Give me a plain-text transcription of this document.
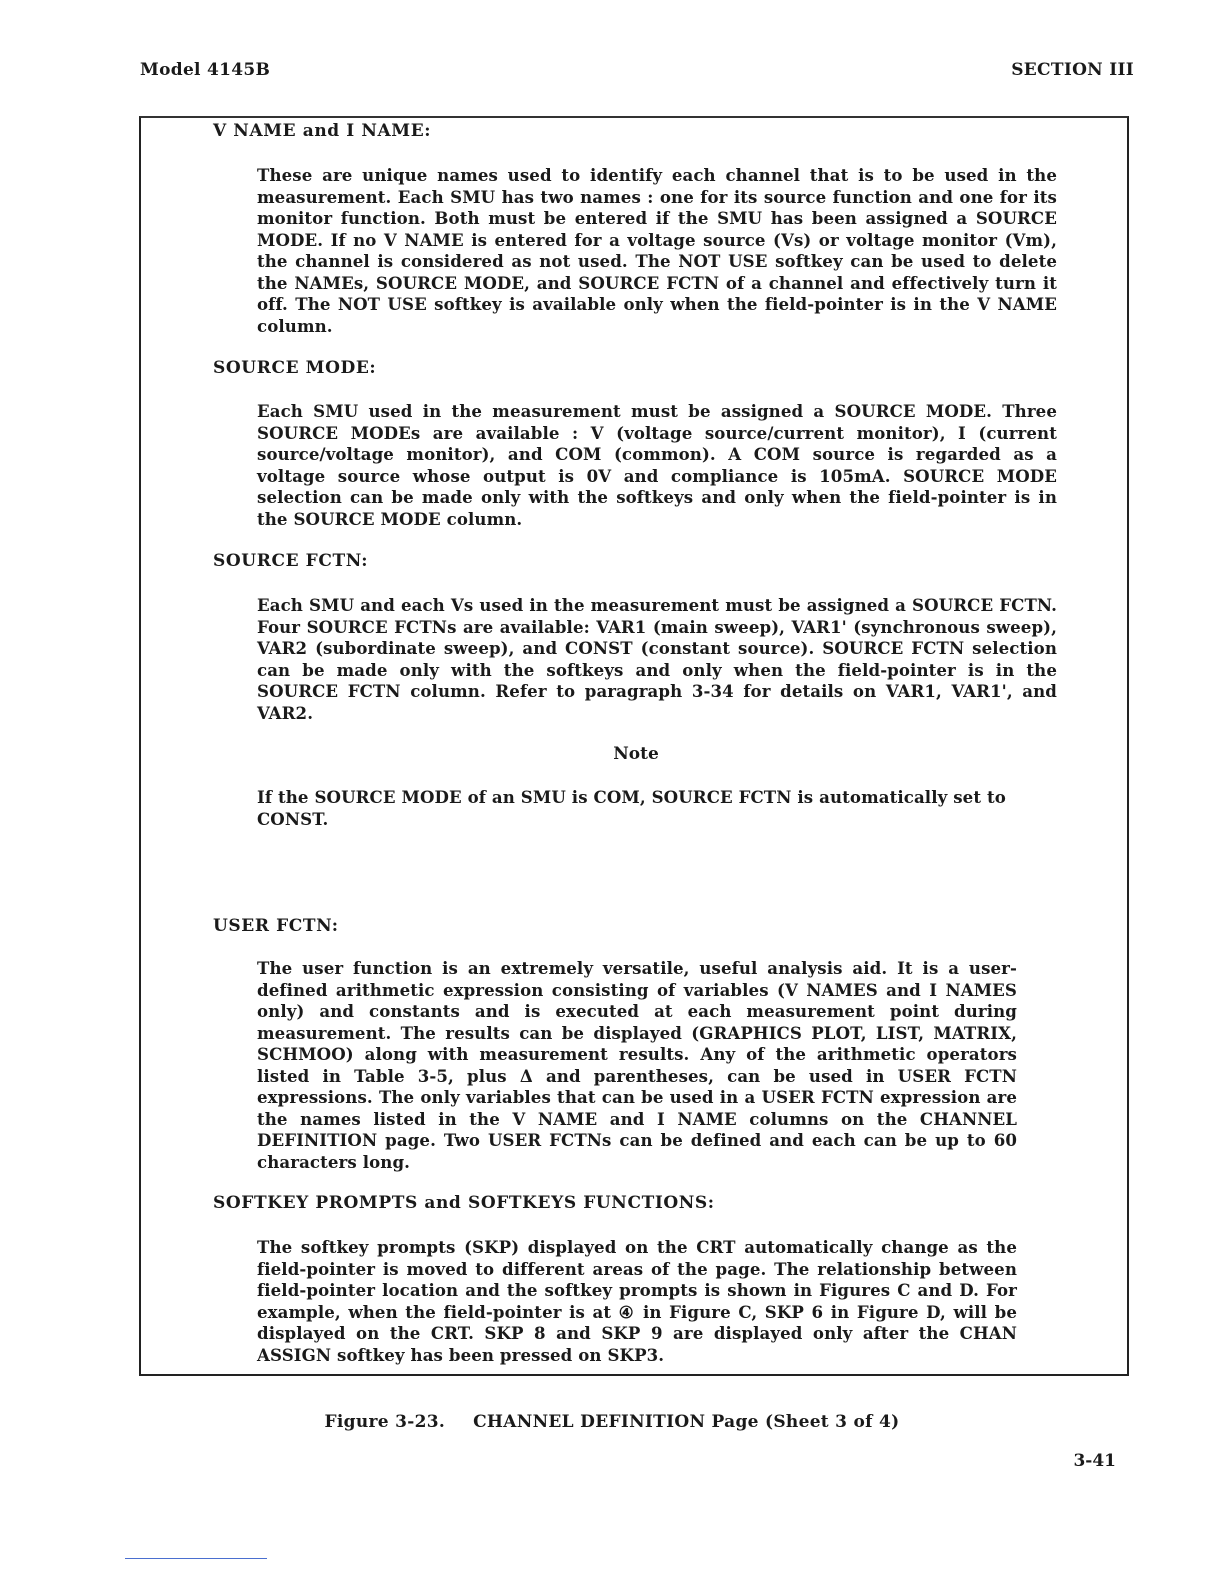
Model 4145B	SECTION III
V NAME and I NAME:
These are unique names used to identify each channel that is to be used in the measurement. Each SMU has two names : one for its source function and one for its monitor function. Both must be entered if the SMU has been assigned a SOURCE MODE. If no V NAME is entered for a voltage source (Vs) or voltage monitor (Vm), the channel is considered as not used. The NOT USE softkey can be used to delete the NAMEs, SOURCE MODE, and SOURCE FCTN of a channel and effectively turn it off. The NOT USE softkey is available only when the field-pointer is in the V NAME column.
SOURCE MODE:
Each SMU used in the measurement must be assigned a SOURCE MODE. Three SOURCE MODEs are available : V (voltage source/current monitor), I (current source/voltage monitor), and COM (common). A COM source is regarded as a voltage source whose output is 0V and compliance is 105mA. SOURCE MODE selection can be made only with the softkeys and only when the field-pointer is in the SOURCE MODE column.
SOURCE FCTN:
Each SMU and each Vs used in the measurement must be assigned a SOURCE FCTN. Four SOURCE FCTNs are available: VAR1 (main sweep), VAR1' (synchronous sweep), VAR2 (subordinate sweep), and CONST (constant source). SOURCE FCTN selection can be made only with the softkeys and only when the field-pointer is in the SOURCE FCTN column. Refer to paragraph 3-34 for details on VAR1, VAR1', and VAR2.
Note
If the SOURCE MODE of an SMU is COM, SOURCE FCTN is automatically set to CONST.
USER FCTN:
The user function is an extremely versatile, useful analysis aid. It is a user-defined arithmetic expression consisting of variables (V NAMES and I NAMES only) and constants and is executed at each measurement point during measurement. The results can be displayed (GRAPHICS PLOT, LIST, MATRIX, SCHMOO) along with measurement results. Any of the arithmetic operators listed in Table 3-5, plus Δ and parentheses, can be used in USER FCTN expressions. The only variables that can be used in a USER FCTN expression are the names listed in the V NAME and I NAME columns on the CHANNEL DEFINITION page. Two USER FCTNs can be defined and each can be up to 60 characters long.
SOFTKEY PROMPTS and SOFTKEYS FUNCTIONS:
The softkey prompts (SKP) displayed on the CRT automatically change as the field-pointer is moved to different areas of the page. The relationship between field-pointer location and the softkey prompts is shown in Figures C and D. For example, when the field-pointer is at ④ in Figure C, SKP 6 in Figure D, will be displayed on the CRT. SKP 8 and SKP 9 are displayed only after the CHAN ASSIGN softkey has been pressed on SKP3.
Figure 3-23. CHANNEL DEFINITION Page (Sheet 3 of 4)
3-41
